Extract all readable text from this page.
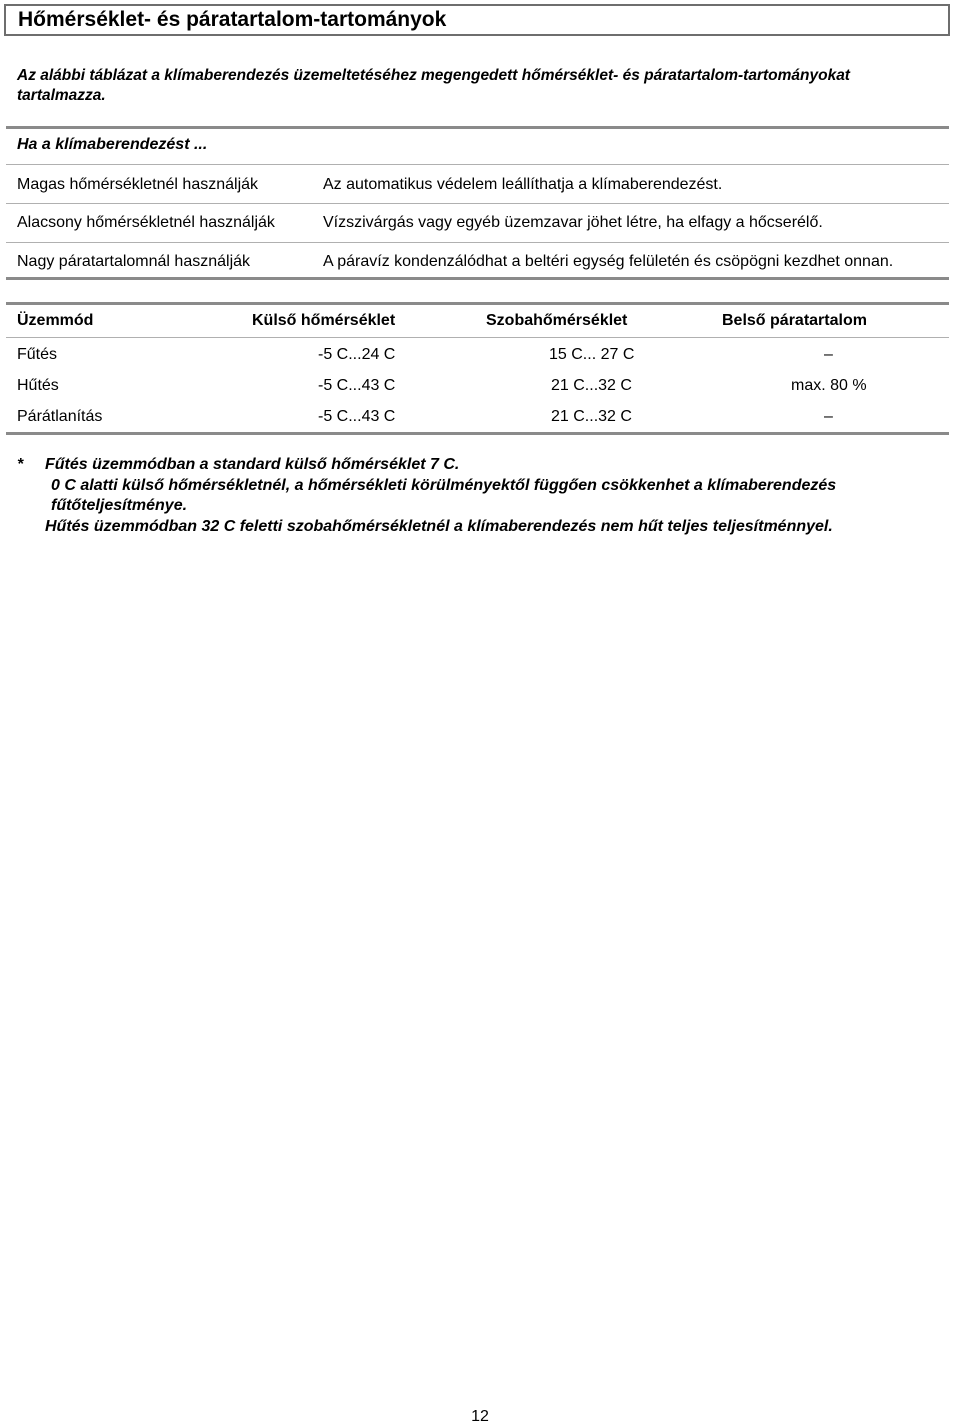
Hőmérséklet- és páratartalom-tartományok
Az alábbi táblázat a klímaberendezés üzemeltetéséhez megengedett hőmérséklet- és páratartalom-tartományokat tartalmazza.
Ha a klímaberendezést ...
Magas hőmérsékletnél használják	Az automatikus védelem leállíthatja a klímaberendezést.
Alacsony hőmérsékletnél használják	Vízszivárgás vagy egyéb üzemzavar jöhet létre, ha elfagy a hőcserélő.
Nagy páratartalomnál használják	A páravíz kondenzálódhat a beltéri egység felületén és csöpögni kezdhet onnan.
Üzemmód	Külső hőmérséklet	Szobahőmérséklet	Belső páratartalom
Fűtés	-5 C...24 C	15 C... 27 C	–
Hűtés	-5 C...43 C	21 C...32 C	max. 80 %
Párátlanítás	-5 C...43 C	21 C...32 C	–
* Fűtés üzemmódban a standard külső hőmérséklet 7 C.
0 C alatti külső hőmérsékletnél, a hőmérsékleti körülményektől függően csökkenhet a klímaberendezés fűtőteljesítménye.
Hűtés üzemmódban 32 C feletti szobahőmérsékletnél a klímaberendezés nem hűt teljes teljesítménnyel.
12
